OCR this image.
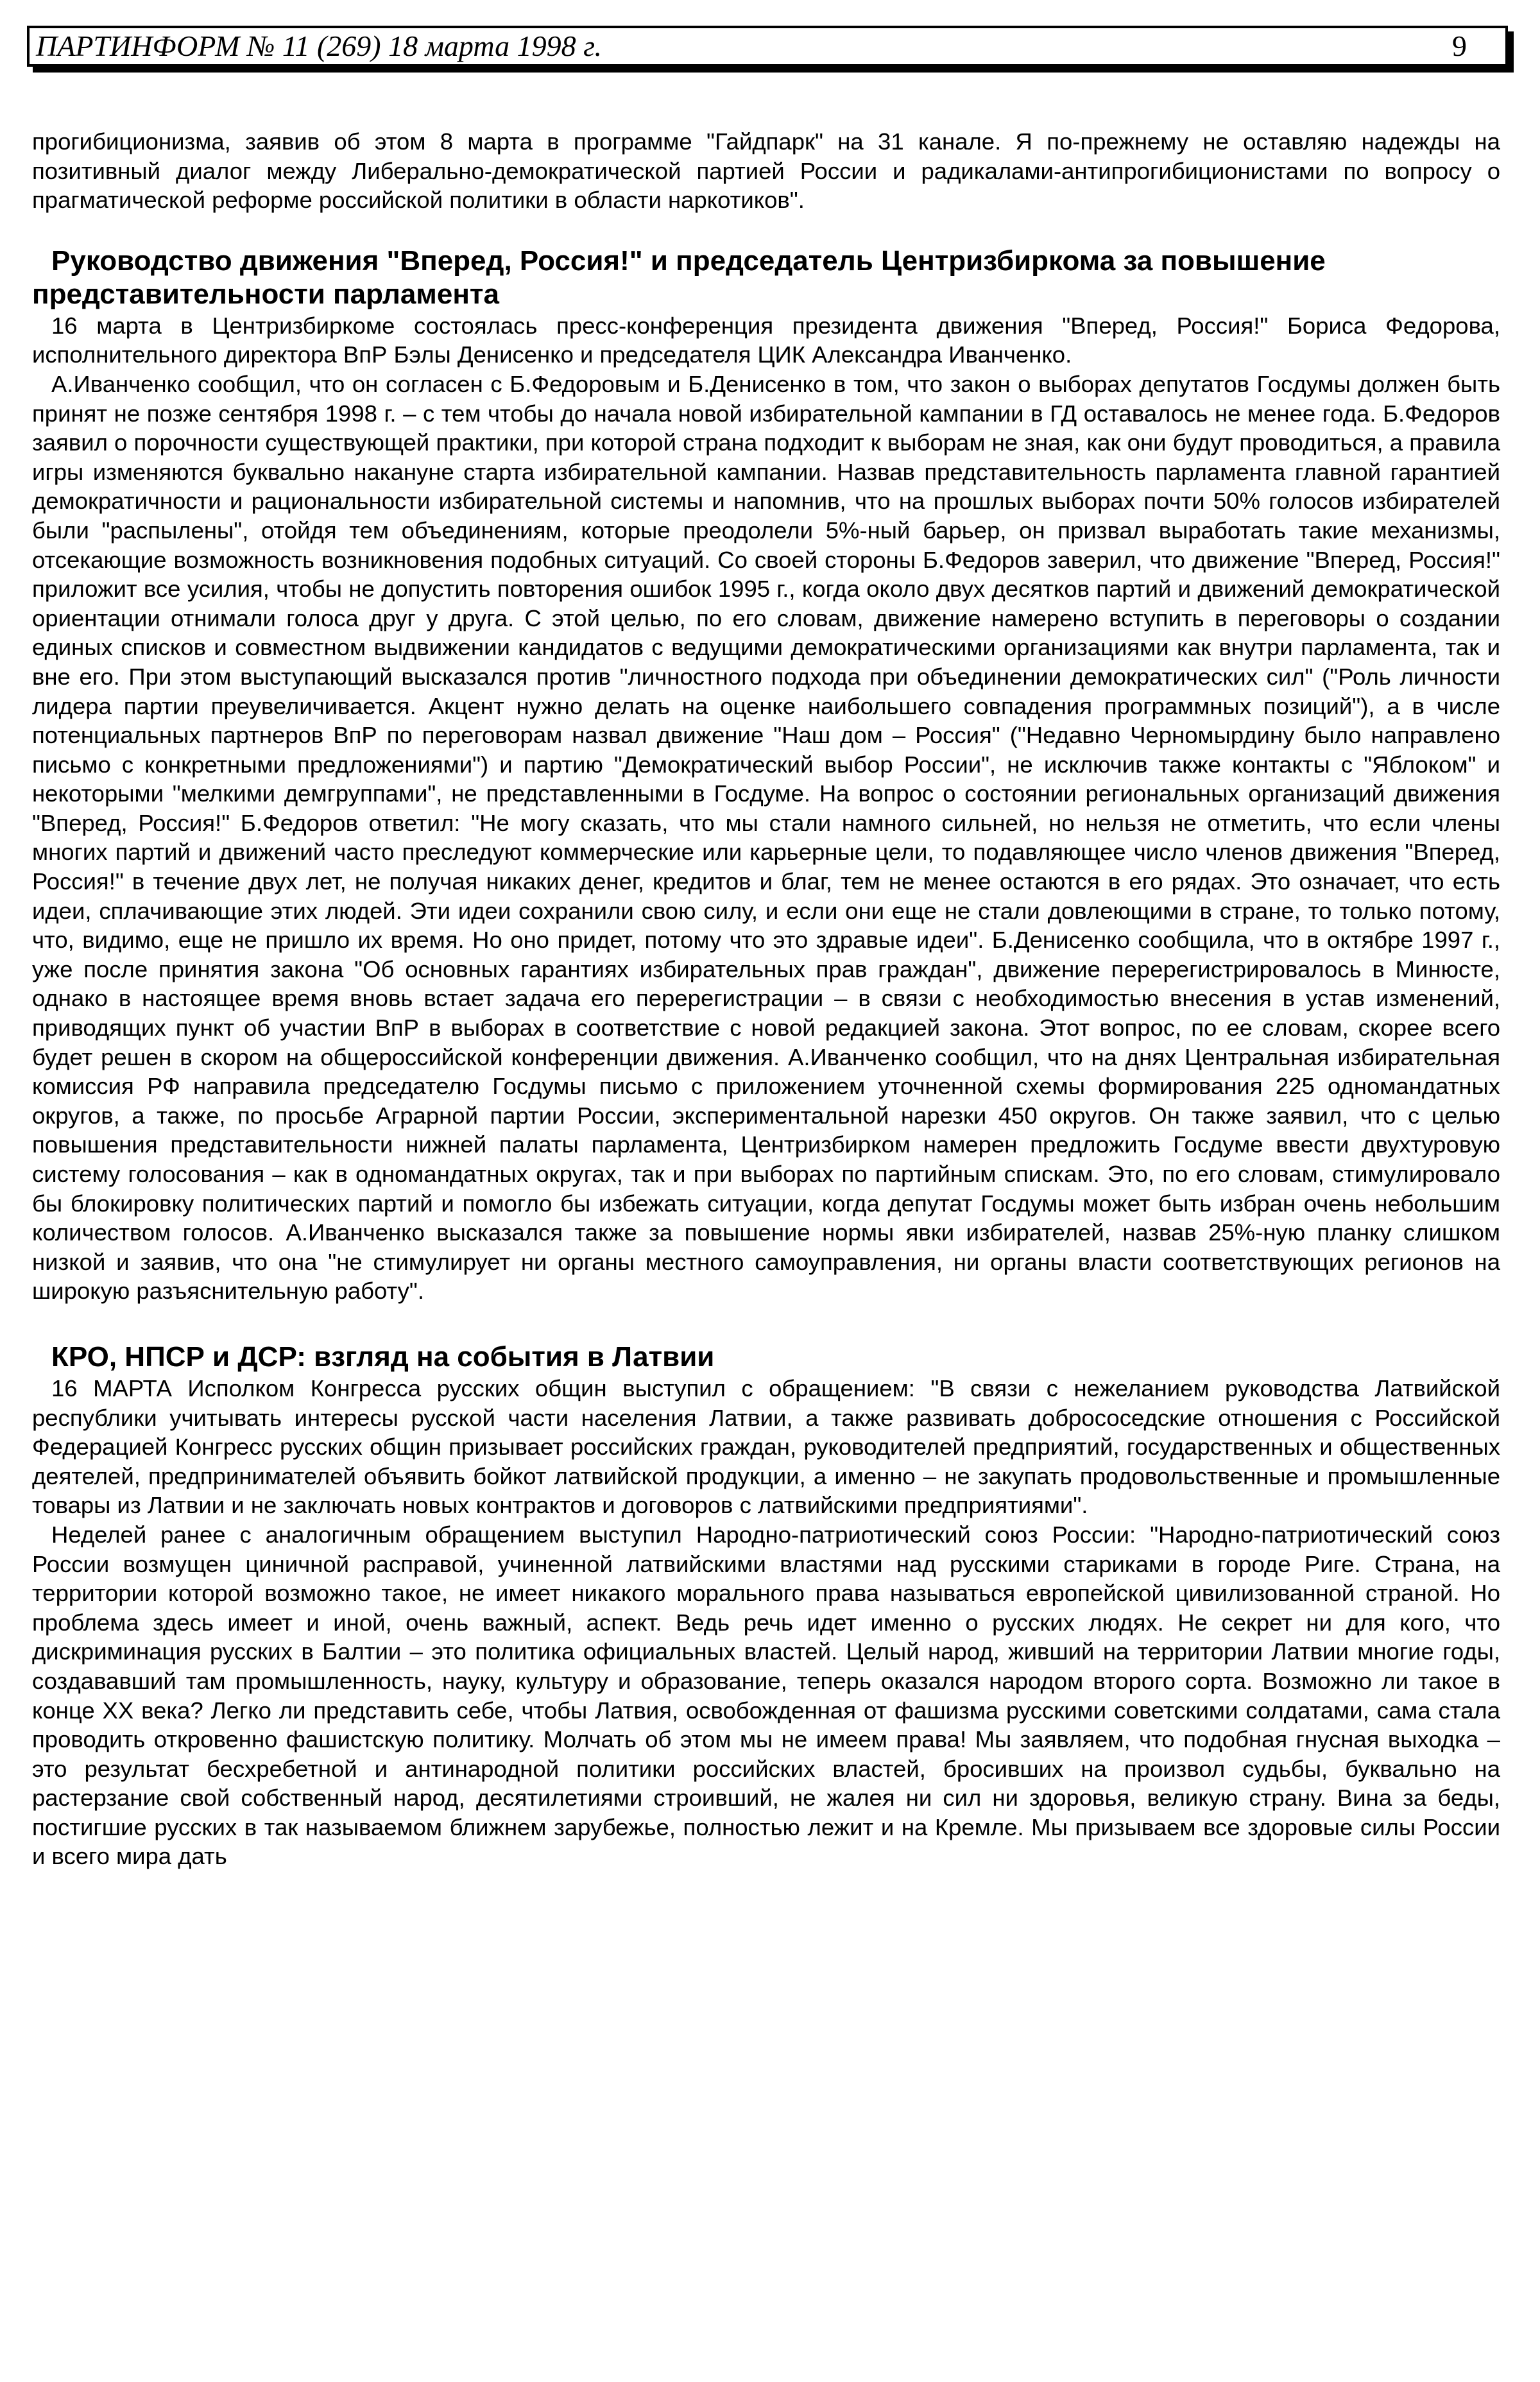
ПАРТИНФОРМ № 11 (269) 18 марта 1998 г.	9

прогибиционизма, заявив об этом 8 марта в программе "Гайдпарк" на 31 канале. Я по-прежнему не оставляю надежды на позитивный диалог между Либерально-демократической партией России и радикалами-антипрогибиционистами по вопросу о прагматической реформе российской политики в области наркотиков".

Руководство движения "Вперед, Россия!" и председатель Центризбиркома за повышение представительности парламента

16 марта в Центризбиркоме состоялась пресс-конференция президента движения "Вперед, Россия!" Бориса Федорова, исполнительного директора ВпР Бэлы Денисенко и председателя ЦИК Александра Иванченко.

А.Иванченко сообщил, что он согласен с Б.Федоровым и Б.Денисенко в том, что закон о выборах депутатов Госдумы должен быть принят не позже сентября 1998 г. – с тем чтобы до начала новой избирательной кампании в ГД оставалось не менее года. Б.Федоров заявил о порочности существующей практики, при которой страна подходит к выборам не зная, как они будут проводиться, а правила игры изменяются буквально накануне старта избирательной кампании. Назвав представительность парламента главной гарантией демократичности и рациональности избирательной системы и напомнив, что на прошлых выборах почти 50% голосов избирателей были "распылены", отойдя тем объединениям, которые преодолели 5%-ный барьер, он призвал выработать такие механизмы, отсекающие возможность возникновения подобных ситуаций. Со своей стороны Б.Федоров заверил, что движение "Вперед, Россия!" приложит все усилия, чтобы не допустить повторения ошибок 1995 г., когда около двух десятков партий и движений демократической ориентации отнимали голоса друг у друга. С этой целью, по его словам, движение намерено вступить в переговоры о создании единых списков и совместном выдвижении кандидатов с ведущими демократическими организациями как внутри парламента, так и вне его. При этом выступающий высказался против "личностного подхода при объединении демократических сил" ("Роль личности лидера партии преувеличивается. Акцент нужно делать на оценке наибольшего совпадения программных позиций"), а в числе потенциальных партнеров ВпР по переговорам назвал движение "Наш дом – Россия" ("Недавно Черномырдину было направлено письмо с конкретными предложениями") и партию "Демократический выбор России", не исключив также контакты с "Яблоком" и некоторыми "мелкими демгруппами", не представленными в Госдуме. На вопрос о состоянии региональных организаций движения "Вперед, Россия!" Б.Федоров ответил: "Не могу сказать, что мы стали намного сильней, но нельзя не отметить, что если члены многих партий и движений часто преследуют коммерческие или карьерные цели, то подавляющее число членов движения "Вперед, Россия!" в течение двух лет, не получая никаких денег, кредитов и благ, тем не менее остаются в его рядах. Это означает, что есть идеи, сплачивающие этих людей. Эти идеи сохранили свою силу, и если они еще не стали довлеющими в стране, то только потому, что, видимо, еще не пришло их время. Но оно придет, потому что это здравые идеи". Б.Денисенко сообщила, что в октябре 1997 г., уже после принятия закона "Об основных гарантиях избирательных прав граждан", движение перерегистрировалось в Минюсте, однако в настоящее время вновь встает задача его перерегистрации – в связи с необходимостью внесения в устав изменений, приводящих пункт об участии ВпР в выборах в соответствие с новой редакцией закона. Этот вопрос, по ее словам, скорее всего будет решен в скором на общероссийской конференции движения. А.Иванченко сообщил, что на днях Центральная избирательная комиссия РФ направила председателю Госдумы письмо с приложением уточненной схемы формирования 225 одномандатных округов, а также, по просьбе Аграрной партии России, экспериментальной нарезки 450 округов. Он также заявил, что с целью повышения представительности нижней палаты парламента, Центризбирком намерен предложить Госдуме ввести двухтуровую систему голосования – как в одномандатных округах, так и при выборах по партийным спискам. Это, по его словам, стимулировало бы блокировку политических партий и помогло бы избежать ситуации, когда депутат Госдумы может быть избран очень небольшим количеством голосов. А.Иванченко высказался также за повышение нормы явки избирателей, назвав 25%-ную планку слишком низкой и заявив, что она "не стимулирует ни органы местного самоуправления, ни органы власти соответствующих регионов на широкую разъяснительную работу".

КРО, НПСР и ДСР: взгляд на события в Латвии

16 МАРТА Исполком Конгресса русских общин выступил с обращением: "В связи с нежеланием руководства Латвийской республики учитывать интересы русской части населения Латвии, а также развивать добрососедские отношения с Российской Федерацией Конгресс русских общин призывает российских граждан, руководителей предприятий, государственных и общественных деятелей, предпринимателей объявить бойкот латвийской продукции, а именно – не закупать продовольственные и промышленные товары из Латвии и не заключать новых контрактов и договоров с латвийскими предприятиями".

Неделей ранее с аналогичным обращением выступил Народно-патриотический союз России: "Народно-патриотический союз России возмущен циничной расправой, учиненной латвийскими властями над русскими стариками в городе Риге. Страна, на территории которой возможно такое, не имеет никакого морального права называться европейской цивилизованной страной. Но проблема здесь имеет и иной, очень важный, аспект. Ведь речь идет именно о русских людях. Не секрет ни для кого, что дискриминация русских в Балтии – это политика официальных властей. Целый народ, живший на территории Латвии многие годы, создававший там промышленность, науку, культуру и образование, теперь оказался народом второго сорта. Возможно ли такое в конце XX века? Легко ли представить себе, чтобы Латвия, освобожденная от фашизма русскими советскими солдатами, сама стала проводить откровенно фашистскую политику. Молчать об этом мы не имеем права! Мы заявляем, что подобная гнусная выходка – это результат бесхребетной и антинародной политики российских властей, бросивших на произвол судьбы, буквально на растерзание свой собственный народ, десятилетиями строивший, не жалея ни сил ни здоровья, великую страну. Вина за беды, постигшие русских в так называемом ближнем зарубежье, полностью лежит и на Кремле. Мы призываем все здоровые силы России и всего мира дать
